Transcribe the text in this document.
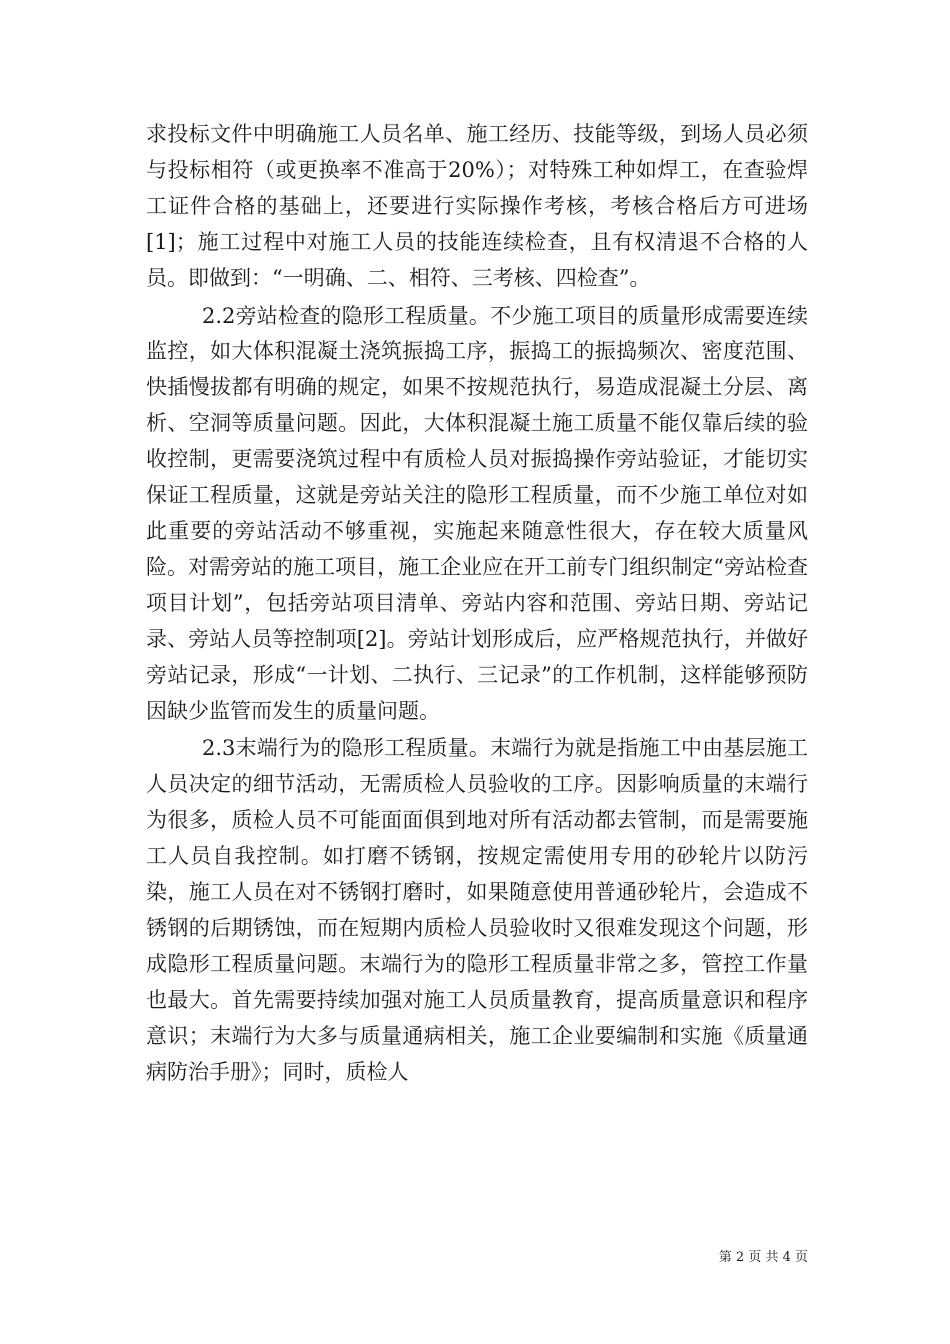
求投标文件中明确施工人员名单、施工经历、技能等级，到场人员必须与投标相符（或更换率不准高于20%）；对特殊工种如焊工，在查验焊工证件合格的基础上，还要进行实际操作考核，考核合格后方可进场[1]；施工过程中对施工人员的技能连续检查，且有权清退不合格的人员。即做到：“一明确、二、相符、三考核、四检查”。

2.2旁站检查的隐形工程质量。不少施工项目的质量形成需要连续监控，如大体积混凝土浇筑振捣工序，振捣工的振捣频次、密度范围、快插慢拔都有明确的规定，如果不按规范执行，易造成混凝土分层、离析、空洞等质量问题。因此，大体积混凝土施工质量不能仅靠后续的验收控制，更需要浇筑过程中有质检人员对振捣操作旁站验证，才能切实保证工程质量，这就是旁站关注的隐形工程质量，而不少施工单位对如此重要的旁站活动不够重视，实施起来随意性很大，存在较大质量风险。对需旁站的施工项目，施工企业应在开工前专门组织制定“旁站检查项目计划”，包括旁站项目清单、旁站内容和范围、旁站日期、旁站记录、旁站人员等控制项[2]。旁站计划形成后，应严格规范执行，并做好旁站记录，形成“一计划、二执行、三记录”的工作机制，这样能够预防因缺少监管而发生的质量问题。

2.3末端行为的隐形工程质量。末端行为就是指施工中由基层施工人员决定的细节活动，无需质检人员验收的工序。因影响质量的末端行为很多，质检人员不可能面面俱到地对所有活动都去管制，而是需要施工人员自我控制。如打磨不锈钢，按规定需使用专用的砂轮片以防污染，施工人员在对不锈钢打磨时，如果随意使用普通砂轮片，会造成不锈钢的后期锈蚀，而在短期内质检人员验收时又很难发现这个问题，形成隐形工程质量问题。末端行为的隐形工程质量非常之多，管控工作量也最大。首先需要持续加强对施工人员质量教育，提高质量意识和程序意识；末端行为大多与质量通病相关，施工企业要编制和实施《质量通病防治手册》；同时，质检人

第 2 页 共 4 页
